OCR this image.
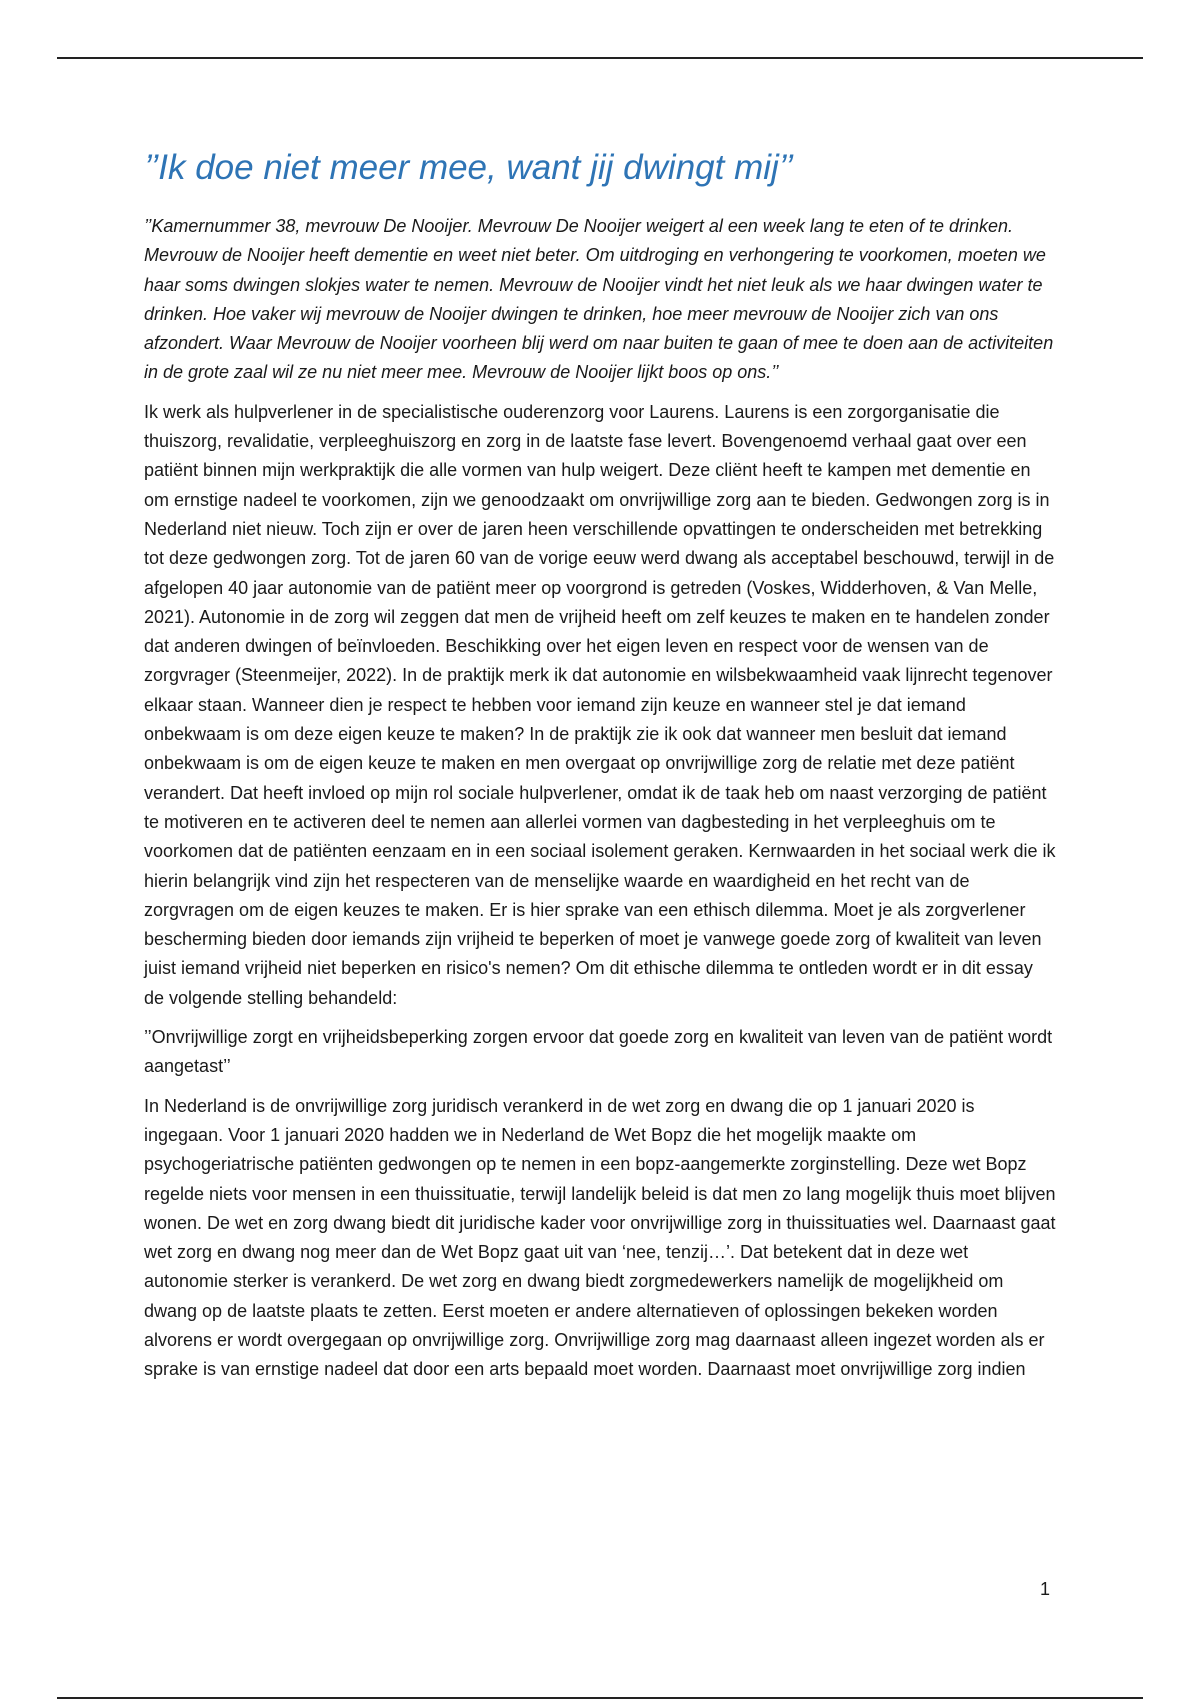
’’Ik doe niet meer mee, want jij dwingt mij’’

’’Kamernummer 38, mevrouw De Nooijer. Mevrouw De Nooijer weigert al een week lang te eten of te drinken. Mevrouw de Nooijer heeft dementie en weet niet beter. Om uitdroging en verhongering te voorkomen, moeten we haar soms dwingen slokjes water te nemen. Mevrouw de Nooijer vindt het niet leuk als we haar dwingen water te drinken. Hoe vaker wij mevrouw de Nooijer dwingen te drinken, hoe meer mevrouw de Nooijer zich van ons afzondert. Waar Mevrouw de Nooijer voorheen blij werd om naar buiten te gaan of mee te doen aan de activiteiten in de grote zaal wil ze nu niet meer mee. Mevrouw de Nooijer lijkt boos op ons.’’

Ik werk als hulpverlener in de specialistische ouderenzorg voor Laurens. Laurens is een zorgorganisatie die thuiszorg, revalidatie, verpleeghuiszorg en zorg in de laatste fase levert. Bovengenoemd verhaal gaat over een patiënt binnen mijn werkpraktijk die alle vormen van hulp weigert. Deze cliënt heeft te kampen met dementie en om ernstige nadeel te voorkomen, zijn we genoodzaakt om onvrijwillige zorg aan te bieden. Gedwongen zorg is in Nederland niet nieuw. Toch zijn er over de jaren heen verschillende opvattingen te onderscheiden met betrekking tot deze gedwongen zorg. Tot de jaren 60 van de vorige eeuw werd dwang als acceptabel beschouwd, terwijl in de afgelopen 40 jaar autonomie van de patiënt meer op voorgrond is getreden (Voskes, Widderhoven, & Van Melle, 2021). Autonomie in de zorg wil zeggen dat men de vrijheid heeft om zelf keuzes te maken en te handelen zonder dat anderen dwingen of beïnvloeden. Beschikking over het eigen leven en respect voor de wensen van de zorgvrager (Steenmeijer, 2022). In de praktijk merk ik dat autonomie en wilsbekwaamheid vaak lijnrecht tegenover elkaar staan. Wanneer dien je respect te hebben voor iemand zijn keuze en wanneer stel je dat iemand onbekwaam is om deze eigen keuze te maken? In de praktijk zie ik ook dat wanneer men besluit dat iemand onbekwaam is om de eigen keuze te maken en men overgaat op onvrijwillige zorg de relatie met deze patiënt verandert. Dat heeft invloed op mijn rol sociale hulpverlener, omdat ik de taak heb om naast verzorging de patiënt te motiveren en te activeren deel te nemen aan allerlei vormen van dagbesteding in het verpleeghuis om te voorkomen dat de patiënten eenzaam en in een sociaal isolement geraken. Kernwaarden in het sociaal werk die ik hierin belangrijk vind zijn het respecteren van de menselijke waarde en waardigheid en het recht van de zorgvragen om de eigen keuzes te maken. Er is hier sprake van een ethisch dilemma. Moet je als zorgverlener bescherming bieden door iemands zijn vrijheid te beperken of moet je vanwege goede zorg of kwaliteit van leven juist iemand vrijheid niet beperken en risico's nemen? Om dit ethische dilemma te ontleden wordt er in dit essay de volgende stelling behandeld:

’’Onvrijwillige zorgt en vrijheidsbeperking zorgen ervoor dat goede zorg en kwaliteit van leven van de patiënt wordt aangetast’’

In Nederland is de onvrijwillige zorg juridisch verankerd in de wet zorg en dwang die op 1 januari 2020 is ingegaan. Voor 1 januari 2020 hadden we in Nederland de Wet Bopz die het mogelijk maakte om psychogeriatrische patiënten gedwongen op te nemen in een bopz-aangemerkte zorginstelling. Deze wet Bopz regelde niets voor mensen in een thuissituatie, terwijl landelijk beleid is dat men zo lang mogelijk thuis moet blijven wonen. De wet en zorg dwang biedt dit juridische kader voor onvrijwillige zorg in thuissituaties wel. Daarnaast gaat wet zorg en dwang nog meer dan de Wet Bopz gaat uit van ‘nee, tenzij…’. Dat betekent dat in deze wet autonomie sterker is verankerd. De wet zorg en dwang biedt zorgmedewerkers namelijk de mogelijkheid om dwang op de laatste plaats te zetten. Eerst moeten er andere alternatieven of oplossingen bekeken worden alvorens er wordt overgegaan op onvrijwillige zorg. Onvrijwillige zorg mag daarnaast alleen ingezet worden als er sprake is van ernstige nadeel dat door een arts bepaald moet worden. Daarnaast moet onvrijwillige zorg indien

1
